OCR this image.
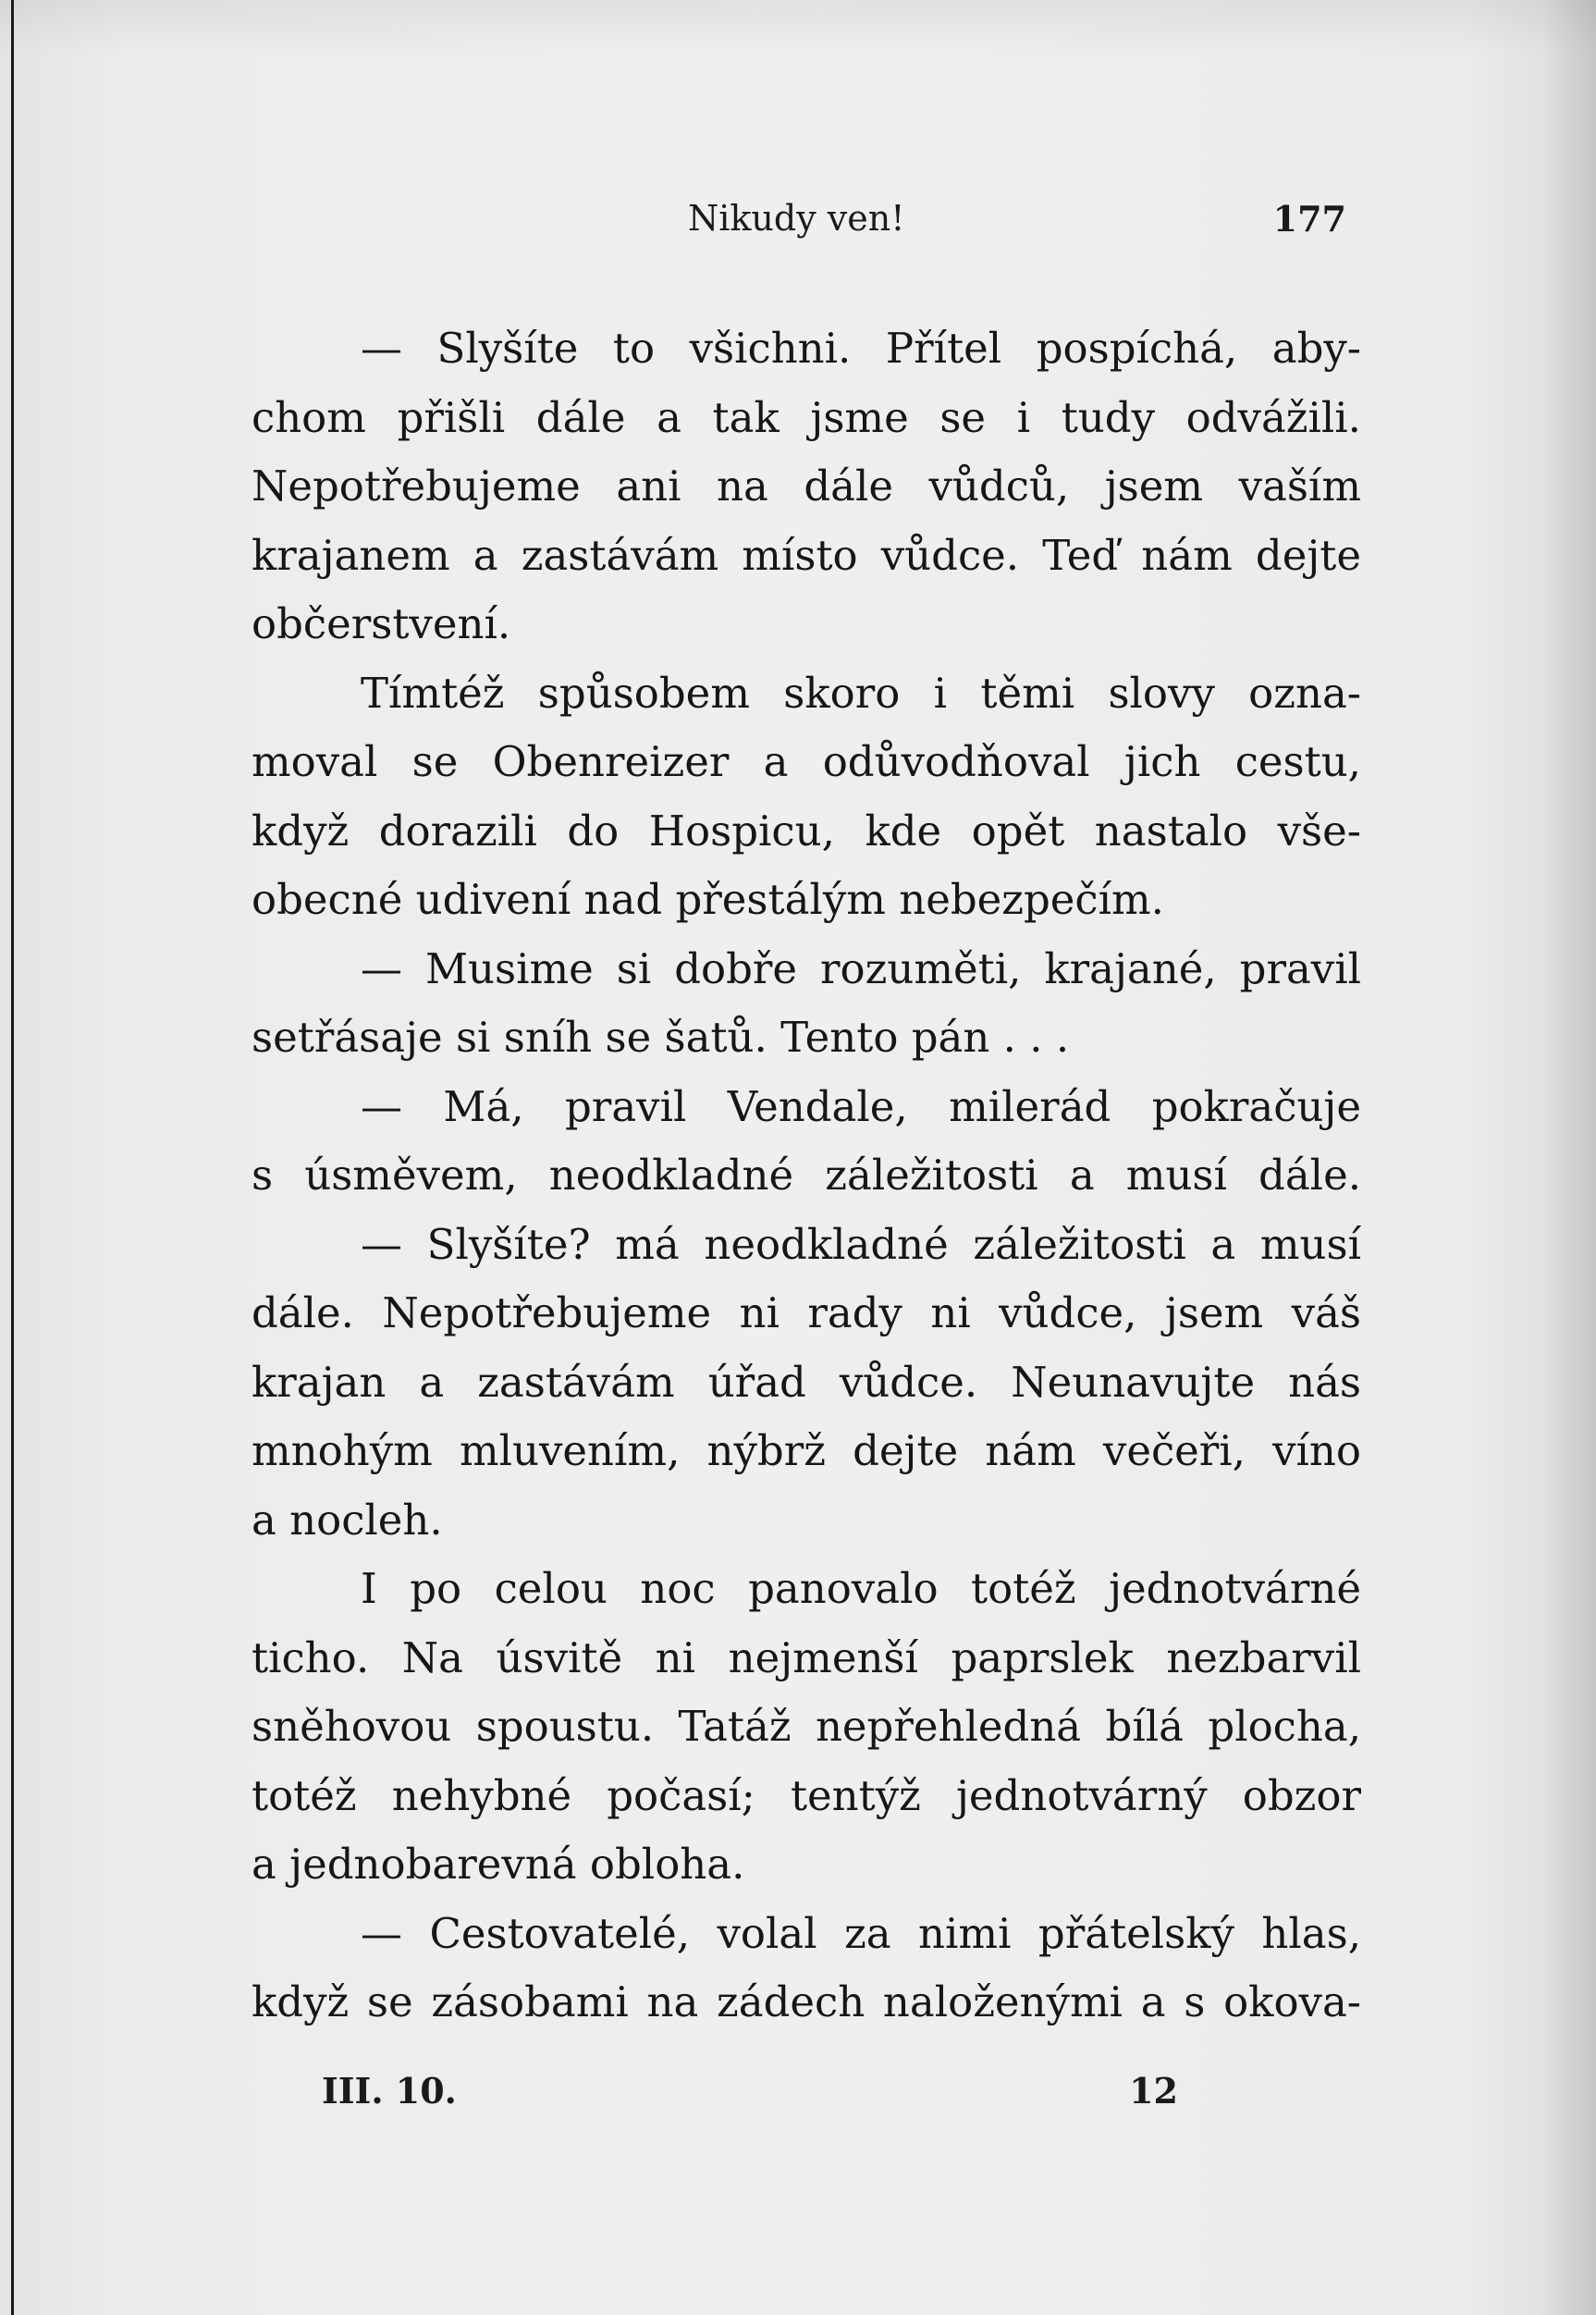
Nikudy ven!	177
— Slyšíte to všichni. Přítel pospíchá, aby-
chom přišli dále a tak jsme se i tudy odvážili.
Nepotřebujeme ani na dále vůdců, jsem vaším
krajanem a zastávám místo vůdce. Teď nám dejte
občerstvení.
Tímtéž spůsobem skoro i těmi slovy ozna-
moval se Obenreizer a odůvodňoval jich cestu,
když dorazili do Hospicu, kde opět nastalo vše-
obecné udivení nad přestálým nebezpečím.
— Musime si dobře rozuměti, krajané, pravil
setřásaje si sníh se šatů. Tento pán . . .
— Má, pravil Vendale, milerád pokračuje
s úsměvem, neodkladné záležitosti a musí dále.
— Slyšíte? má neodkladné záležitosti a musí
dále. Nepotřebujeme ni rady ni vůdce, jsem váš
krajan a zastávám úřad vůdce. Neunavujte nás
mnohým mluvením, nýbrž dejte nám večeři, víno
a nocleh.
I po celou noc panovalo totéž jednotvárné
ticho. Na úsvitě ni nejmenší paprslek nezbarvil
sněhovou spoustu. Tatáž nepřehledná bílá plocha,
totéž nehybné počasí; tentýž jednotvárný obzor
a jednobarevná obloha.
— Cestovatelé, volal za nimi přátelský hlas,
když se zásobami na zádech naloženými a s okova-
III. 10.	12
